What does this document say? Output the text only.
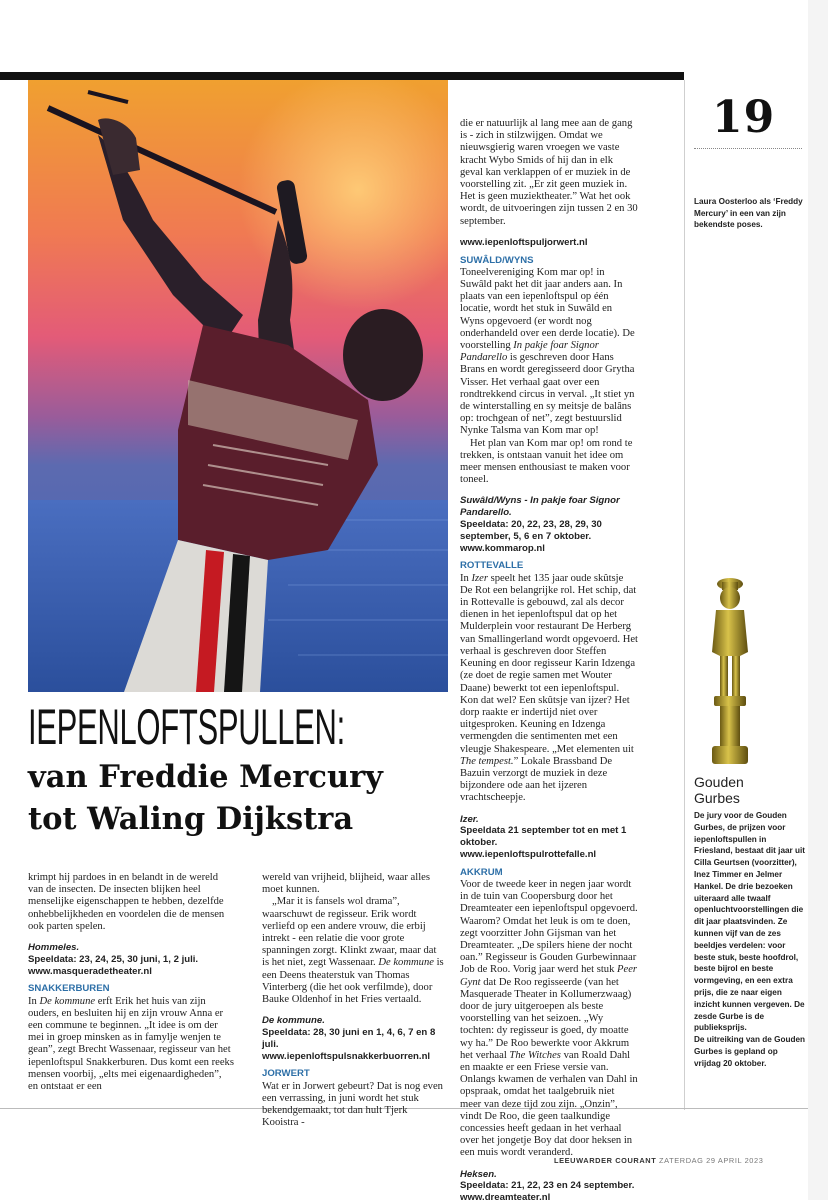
19
Laura Oosterloo als ‘Freddy Mercury’ in een van zijn bekendste poses.
IEPENLOFTSPULLEN:
van Freddie Mercury
tot Waling Dijkstra

krimpt hij pardoes in en belandt in de wereld van de insecten. De insecten blijken heel menselijke eigenschappen te hebben, dezelfde onhebbelijkheden en voordelen die de mensen ook parten spelen.

Hommeles.

Speeldata: 23, 24, 25, 30 juni, 1, 2 juli.

www.masqueradetheater.nl

SNAKKERBUREN

In De kommune erft Erik het huis van zijn ouders, en besluiten hij en zijn vrouw Anna er een commune te beginnen. „It idee is om der mei in groep minsken as in famylje wenjen te gean”, zegt Brecht Wassenaar, regisseur van het iepenloftspul Snakkerburen. Dus komt een reeks mensen voorbij, „elts mei eigenaardigheden”, en ontstaat er een

wereld van vrijheid, blijheid, waar alles moet kunnen.

„Mar it is fansels wol drama”, waarschuwt de regisseur. Erik wordt verliefd op een andere vrouw, die erbij intrekt - een relatie die voor grote spanningen zorgt. Klinkt zwaar, maar dat is het niet, zegt Wassenaar. De kommune is een Deens theaterstuk van Thomas Vinterberg (die het ook verfilmde), door Bauke Oldenhof in het Fries vertaald.

De kommune.

Speeldata: 28, 30 juni en 1, 4, 6, 7 en 8 juli.

www.iepenloftspulsnakkerbuorren.nl

JORWERT

Wat er in Jorwert gebeurt? Dat is nog even een verrassing, in juni wordt het stuk bekendgemaakt, tot dan hult Tjerk Kooistra -

die er natuurlijk al lang mee aan de gang is - zich in stilzwijgen. Omdat we nieuwsgierig waren vroegen we vaste kracht Wybo Smids of hij dan in elk geval kan verklappen of er muziek in de voorstelling zit. „Er zit geen muziek in. Het is geen muziektheater.” Wat het ook wordt, de uitvoeringen zijn tussen 2 en 30 september.

www.iepenloftspuljorwert.nl

SUWÂLD/WYNS

Toneelvereniging Kom mar op! in Suwâld pakt het dit jaar anders aan. In plaats van een iepenloftspul op één locatie, wordt het stuk in Suwâld en Wyns opgevoerd (er wordt nog onderhandeld over een derde locatie). De voorstelling In pakje foar Signor Pandarello is geschreven door Hans Brans en wordt geregisseerd door Grytha Visser. Het verhaal gaat over een rondtrekkend circus in verval. „It stiet yn de winterstalling en sy meitsje de balâns op: trochgean of net”, zegt bestuurslid Nynke Talsma van Kom mar op!

Het plan van Kom mar op! om rond te trekken, is ontstaan vanuit het idee om meer mensen enthousiast te maken voor toneel.

Suwâld/Wyns - In pakje foar Signor Pandarello.

Speeldata: 20, 22, 23, 28, 29, 30 september, 5, 6 en 7 oktober.

www.kommarop.nl

ROTTEVALLE

In Izer speelt het 135 jaar oude skûtsje De Rot een belangrijke rol. Het schip, dat in Rottevalle is gebouwd, zal als decor dienen in het iepenloftspul dat op het Mulderplein voor restaurant De Herberg van Smallingerland wordt opgevoerd. Het verhaal is geschreven door Steffen Keuning en door regisseur Karin Idzenga (ze doet de regie samen met Wouter Daane) bewerkt tot een iepenloftspul. Kon dat wel? Een skûtsje van ijzer? Het dorp raakte er indertijd niet over uitgesproken. Keuning en Idzenga vermengden die sentimenten met een vleugje Shakespeare. „Met elementen uit The tempest.” Lokale Brassband De Bazuin verzorgt de muziek in deze bijzondere ode aan het ijzeren vrachtscheepje.

Izer.

Speeldata 21 september tot en met 1 oktober.

www.iepenloftspulrottefalle.nl

AKKRUM

Voor de tweede keer in negen jaar wordt in de tuin van Coopersburg door het Dreamteater een iepenloftspul opgevoerd. Waarom? Omdat het leuk is om te doen, zegt voorzitter John Gijsman van het Dreamteater. „De spilers hiene der nocht oan.” Regisseur is Gouden Gurbewinnaar Job de Roo. Vorig jaar werd het stuk Peer Gynt dat De Roo regisseerde (van het Masquerade Theater in Kollumerzwaag) door de jury uitgeroepen als beste voorstelling van het seizoen. „Wy tochten: dy regisseur is goed, dy moatte wy ha.” De Roo bewerkte voor Akkrum het verhaal The Witches van Roald Dahl en maakte er een Friese versie van. Onlangs kwamen de verhalen van Dahl in opspraak, omdat het taalgebruik niet meer van deze tijd zou zijn. „Onzin”, vindt De Roo, die geen taalkundige concessies heeft gedaan in het verhaal over het jongetje Boy dat door heksen in een muis wordt veranderd.

Heksen.

Speeldata: 21, 22, 23 en 24 september.

www.dreamteater.nl

Gouden
Gurbes

De jury voor de Gouden Gurbes, de prijzen voor iepenloftspullen in Friesland, bestaat dit jaar uit Cilla Geurtsen (voorzitter), Inez Timmer en Jelmer Hankel. De drie bezoeken uiteraard alle twaalf openluchtvoorstellingen die dit jaar plaatsvinden. Ze kunnen vijf van de zes beeldjes verdelen: voor beste stuk, beste hoofdrol, beste bijrol en beste vormgeving, en een extra prijs, die ze naar eigen inzicht kunnen vergeven. De zesde Gurbe is de publieksprijs.

De uitreiking van de Gouden Gurbes is gepland op vrijdag 20 oktober.

LEEUWARDER COURANT ZATERDAG 29 APRIL 2023
